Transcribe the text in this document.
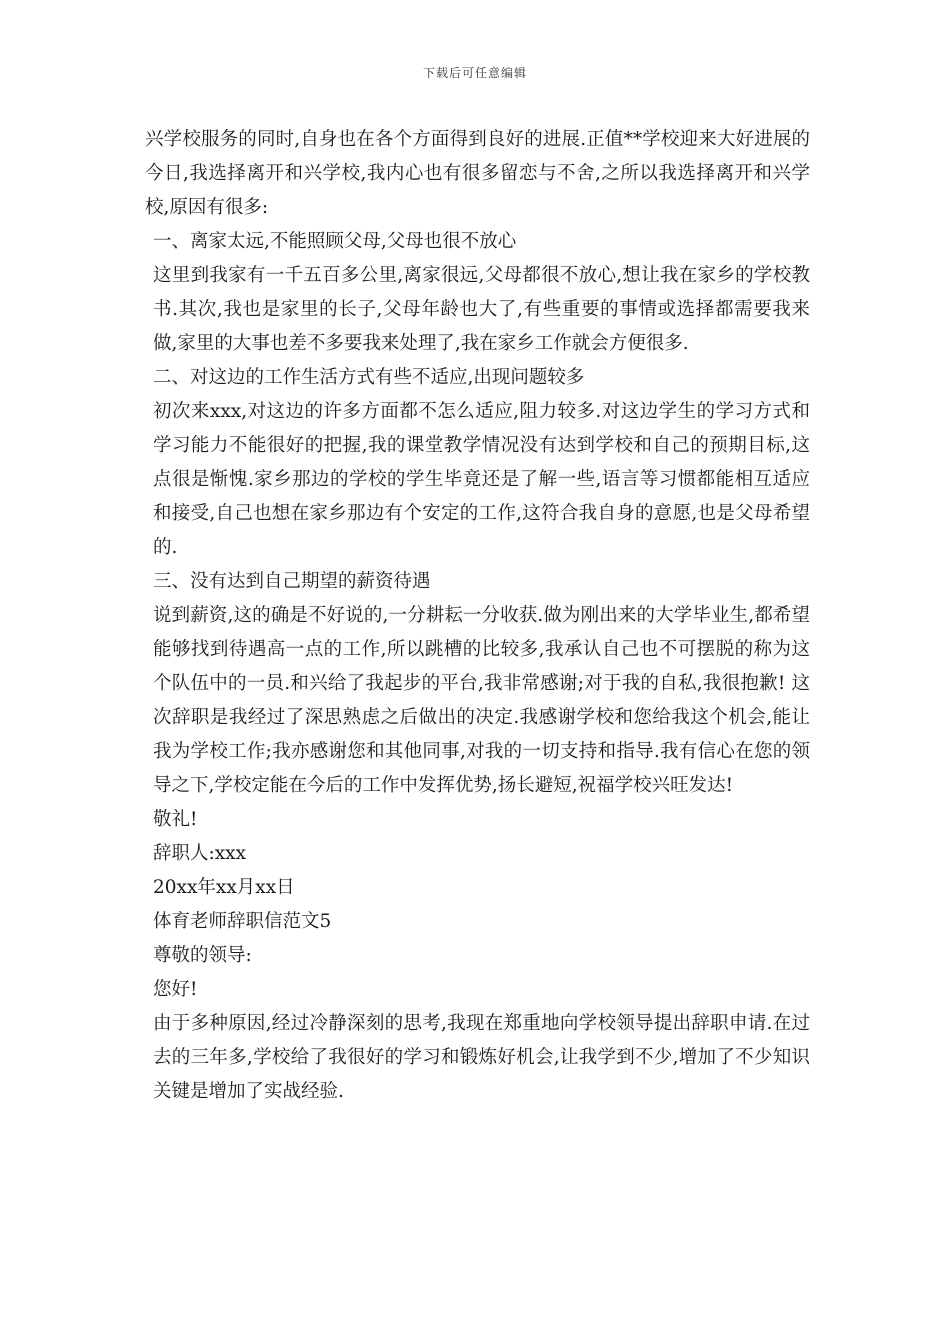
下载后可任意编辑

兴学校服务的同时,自身也在各个方面得到良好的进展.正值**学校迎来大好进展的今日,我选择离开和兴学校,我内心也有很多留恋与不舍,之所以我选择离开和兴学校,原因有很多:

一、离家太远,不能照顾父母,父母也很不放心

这里到我家有一千五百多公里,离家很远,父母都很不放心,想让我在家乡的学校教书.其次,我也是家里的长子,父母年龄也大了,有些重要的事情或选择都需要我来做,家里的大事也差不多要我来处理了,我在家乡工作就会方便很多.

二、对这边的工作生活方式有些不适应,出现问题较多

初次来xxx,对这边的许多方面都不怎么适应,阻力较多.对这边学生的学习方式和学习能力不能很好的把握,我的课堂教学情况没有达到学校和自己的预期目标,这点很是惭愧.家乡那边的学校的学生毕竟还是了解一些,语言等习惯都能相互适应和接受,自己也想在家乡那边有个安定的工作,这符合我自身的意愿,也是父母希望的.

三、没有达到自己期望的薪资待遇

说到薪资,这的确是不好说的,一分耕耘一分收获.做为刚出来的大学毕业生,都希望能够找到待遇高一点的工作,所以跳槽的比较多,我承认自己也不可摆脱的称为这个队伍中的一员.和兴给了我起步的平台,我非常感谢;对于我的自私,我很抱歉! 这次辞职是我经过了深思熟虑之后做出的决定.我感谢学校和您给我这个机会,能让我为学校工作;我亦感谢您和其他同事,对我的一切支持和指导.我有信心在您的领导之下,学校定能在今后的工作中发挥优势,扬长避短,祝福学校兴旺发达!

敬礼!

辞职人:xxx

20xx年xx月xx日

体育老师辞职信范文5

尊敬的领导:

您好!

由于多种原因,经过冷静深刻的思考,我现在郑重地向学校领导提出辞职申请.在过去的三年多,学校给了我很好的学习和锻炼好机会,让我学到不少,增加了不少知识关键是增加了实战经验.
